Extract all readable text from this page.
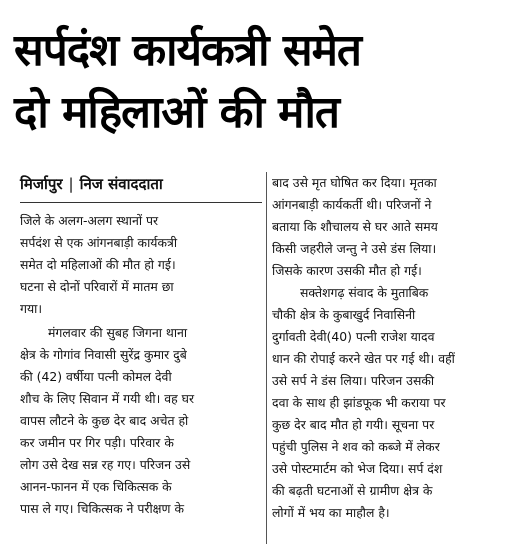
सर्पदंश कार्यकत्री समेत
दो महिलाओं की मौत
मिर्जापुर | निज संवाददाता

जिले के अलग-अलग स्थानों पर
सर्पदंश से एक आंगनबाड़ी कार्यकत्री
समेत दो महिलाओं की मौत हो गई।
घटना से दोनों परिवारों में मातम छा
गया।

मंगलवार की सुबह जिगना थाना
क्षेत्र के गोगांव निवासी सुरेंद्र कुमार दुबे
की (42) वर्षीया पत्नी कोमल देवी
शौच के लिए सिवान में गयी थी। वह घर
वापस लौटने के कुछ देर बाद अचेत हो
कर जमीन पर गिर पड़ी। परिवार के
लोग उसे देख सन्न रह गए। परिजन उसे
आनन-फानन में एक चिकित्सक के
पास ले गए। चिकित्सक ने परीक्षण के

बाद उसे मृत घोषित कर दिया। मृतका
आंगनबाड़ी कार्यकर्ती थी। परिजनों ने
बताया कि शौचालय से घर आते समय
किसी जहरीले जन्तु ने उसे डंस लिया।
जिसके कारण उसकी मौत हो गई।

सक्तेशगढ़ संवाद के मुताबिक
चौकी क्षेत्र के कुबाखुर्द निवासिनी
दुर्गावती देवी(40) पत्नी राजेश यादव
धान की रोपाई करने खेत पर गई थी। वहीं
उसे सर्प ने डंस लिया। परिजन उसकी
दवा के साथ ही झांडफूक भी कराया पर
कुछ देर बाद मौत हो गयी। सूचना पर
पहुंची पुलिस ने शव को कब्जे में लेकर
उसे पोस्टमार्टम को भेज दिया। सर्प दंश
की बढ़ती घटनाओं से ग्रामीण क्षेत्र के
लोगों में भय का माहौल है।
